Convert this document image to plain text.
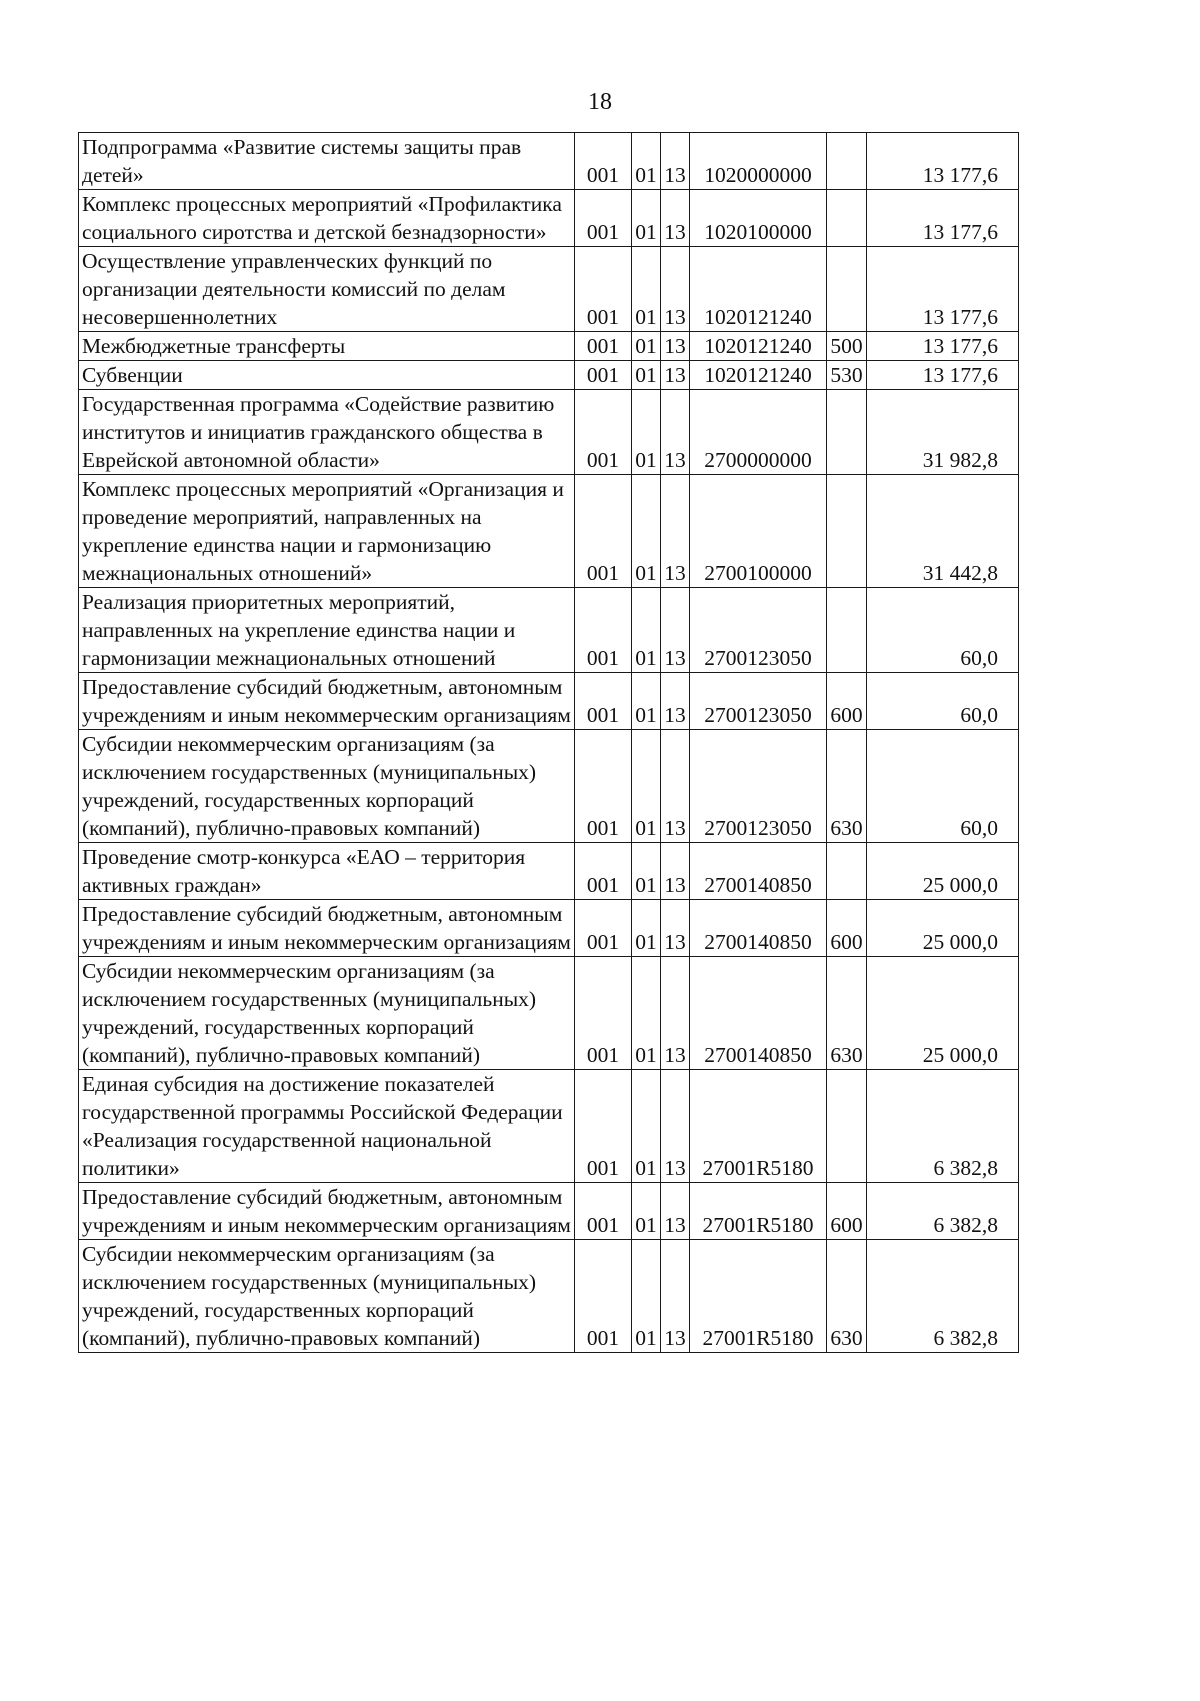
18
Подпрограмма «Развитие системы защиты прав детей»	001	01	13	1020000000		13 177,6
Комплекс процессных мероприятий «Профилактика социального сиротства и детской безнадзорности»	001	01	13	1020100000		13 177,6
Осуществление управленческих функций по организации деятельности комиссий по делам несовершеннолетних	001	01	13	1020121240		13 177,6
Межбюджетные трансферты	001	01	13	1020121240	500	13 177,6
Субвенции	001	01	13	1020121240	530	13 177,6
Государственная программа «Содействие развитию институтов и инициатив гражданского общества в Еврейской автономной области»	001	01	13	2700000000		31 982,8
Комплекс процессных мероприятий «Организация и проведение мероприятий, направленных на укрепление единства нации и гармонизацию межнациональных отношений»	001	01	13	2700100000		31 442,8
Реализация приоритетных мероприятий, направленных на укрепление единства нации и гармонизации межнациональных отношений	001	01	13	2700123050		60,0
Предоставление субсидий бюджетным, автономным учреждениям и иным некоммерческим организациям	001	01	13	2700123050	600	60,0
Субсидии некоммерческим организациям (за исключением государственных (муниципальных) учреждений, государственных корпораций (компаний), публично-правовых компаний)	001	01	13	2700123050	630	60,0
Проведение смотр-конкурса «ЕАО – территория активных граждан»	001	01	13	2700140850		25 000,0
Предоставление субсидий бюджетным, автономным учреждениям и иным некоммерческим организациям	001	01	13	2700140850	600	25 000,0
Субсидии некоммерческим организациям (за исключением государственных (муниципальных) учреждений, государственных корпораций (компаний), публично-правовых компаний)	001	01	13	2700140850	630	25 000,0
Единая субсидия на достижение показателей государственной программы Российской Федерации «Реализация государственной национальной политики»	001	01	13	27001R5180		6 382,8
Предоставление субсидий бюджетным, автономным учреждениям и иным некоммерческим организациям	001	01	13	27001R5180	600	6 382,8
Субсидии некоммерческим организациям (за исключением государственных (муниципальных) учреждений, государственных корпораций (компаний), публично-правовых компаний)	001	01	13	27001R5180	630	6 382,8
